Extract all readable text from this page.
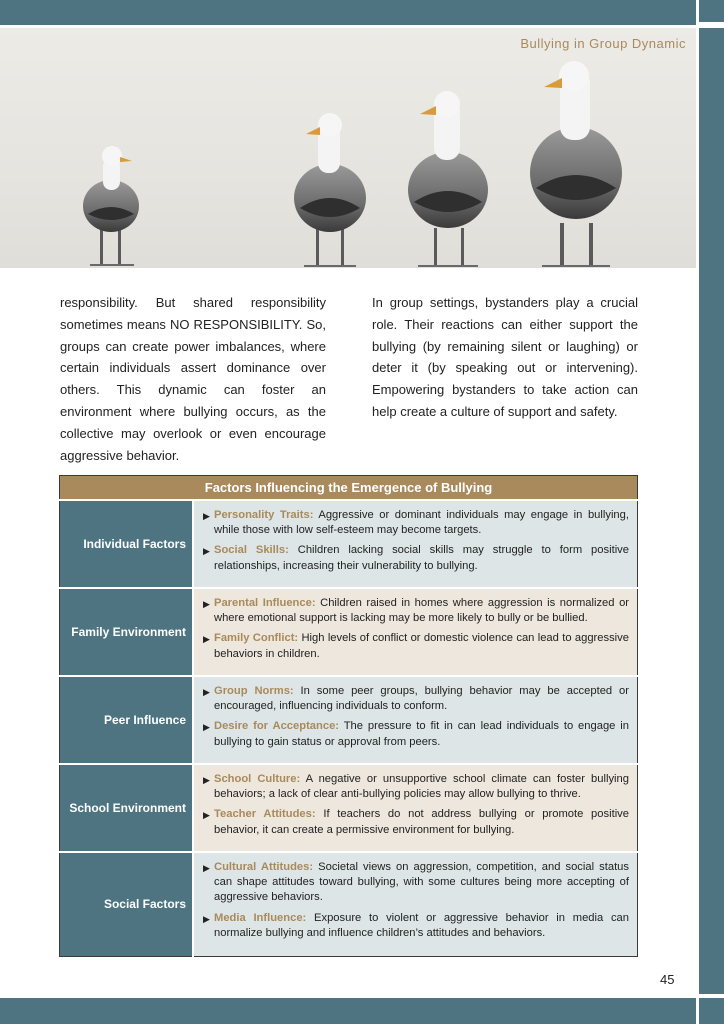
Bullying in Group Dynamic

responsibility. But shared responsibility sometimes means NO RESPONSIBILITY. So, groups can create power imbalances, where certain individuals assert dominance over others. This dynamic can foster an environment where bullying occurs, as the collective may overlook or even encourage aggressive behavior.

In group settings, bystanders play a crucial role. Their reactions can either support the bullying (by remaining silent or laughing) or deter it (by speaking out or intervening). Empowering bystanders to take action can help create a culture of support and safety.

Factors Influencing the Emergence of Bullying	
Individual Factors	▶ Personality Traits: Aggressive or dominant individuals may engage in bullying, while those with low self-esteem may become targets.
▶ Social Skills: Children lacking social skills may struggle to form positive relationships, increasing their vulnerability to bullying.

Family Environment	▶ Parental Influence: Children raised in homes where aggression is normalized or where emotional support is lacking may be more likely to bully or be bullied.
▶ Family Conflict: High levels of conflict or domestic violence can lead to aggressive behaviors in children.

Peer Influence	▶ Group Norms: In some peer groups, bullying behavior may be accepted or encouraged, influencing individuals to conform.
▶ Desire for Acceptance: The pressure to fit in can lead individuals to engage in bullying to gain status or approval from peers.

School Environment	▶ School Culture: A negative or unsupportive school climate can foster bullying behaviors; a lack of clear anti-bullying policies may allow bullying to thrive.
▶ Teacher Attitudes: If teachers do not address bullying or promote positive behavior, it can create a permissive environment for bullying.

Social Factors	▶ Cultural Attitudes: Societal views on aggression, competition, and social status can shape attitudes toward bullying, with some cultures being more accepting of aggressive behaviors.
▶ Media Influence: Exposure to violent or aggressive behavior in media can normalize bullying and influence children’s attitudes and behaviors.
45
